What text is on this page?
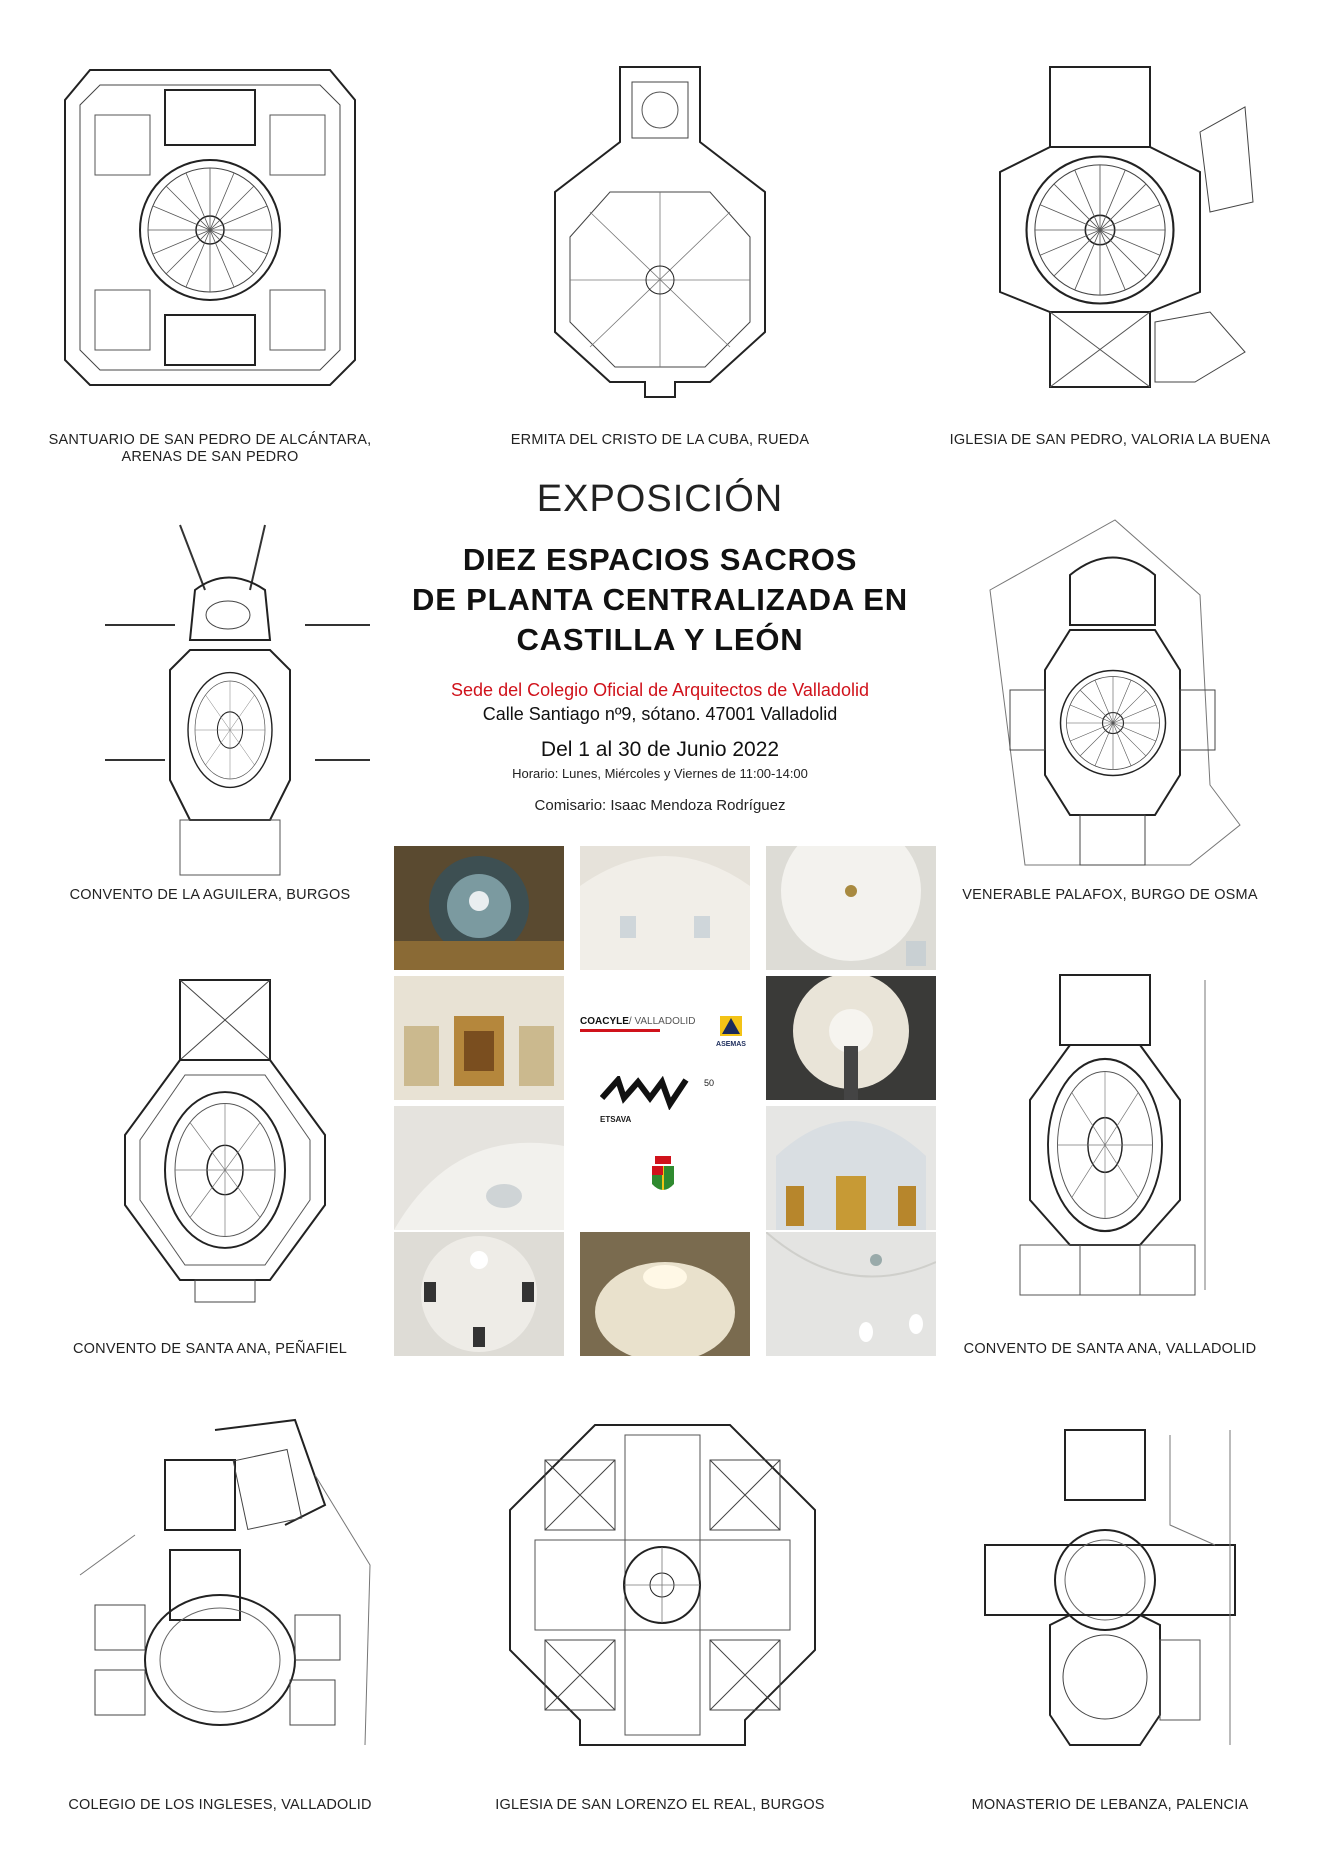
SANTUARIO DE SAN PEDRO DE ALCÁNTARA,
ARENAS DE SAN PEDRO
ERMITA DEL CRISTO DE LA CUBA, RUEDA	IGLESIA DE SAN PEDRO, VALORIA LA BUENA
EXPOSICIÓN
DIEZ ESPACIOS SACROS
DE PLANTA CENTRALIZADA EN
CASTILLA Y LEÓN
Sede del Colegio Oficial de Arquitectos de Valladolid
Calle Santiago nº9, sótano. 47001 Valladolid
Del 1 al 30 de Junio 2022
Horario: Lunes, Miércoles y Viernes de 11:00-14:00
Comisario: Isaac Mendoza Rodríguez
CONVENTO DE LA AGUILERA, BURGOS	VENERABLE PALAFOX, BURGO DE OSMA
COACYLE/ VALLADOLID
ASEMAS
50
ETSAVA
CONVENTO DE SANTA ANA, PEÑAFIEL	CONVENTO DE SANTA ANA, VALLADOLID
COLEGIO DE LOS INGLESES, VALLADOLID	IGLESIA DE SAN LORENZO EL REAL, BURGOS	MONASTERIO DE LEBANZA, PALENCIA
